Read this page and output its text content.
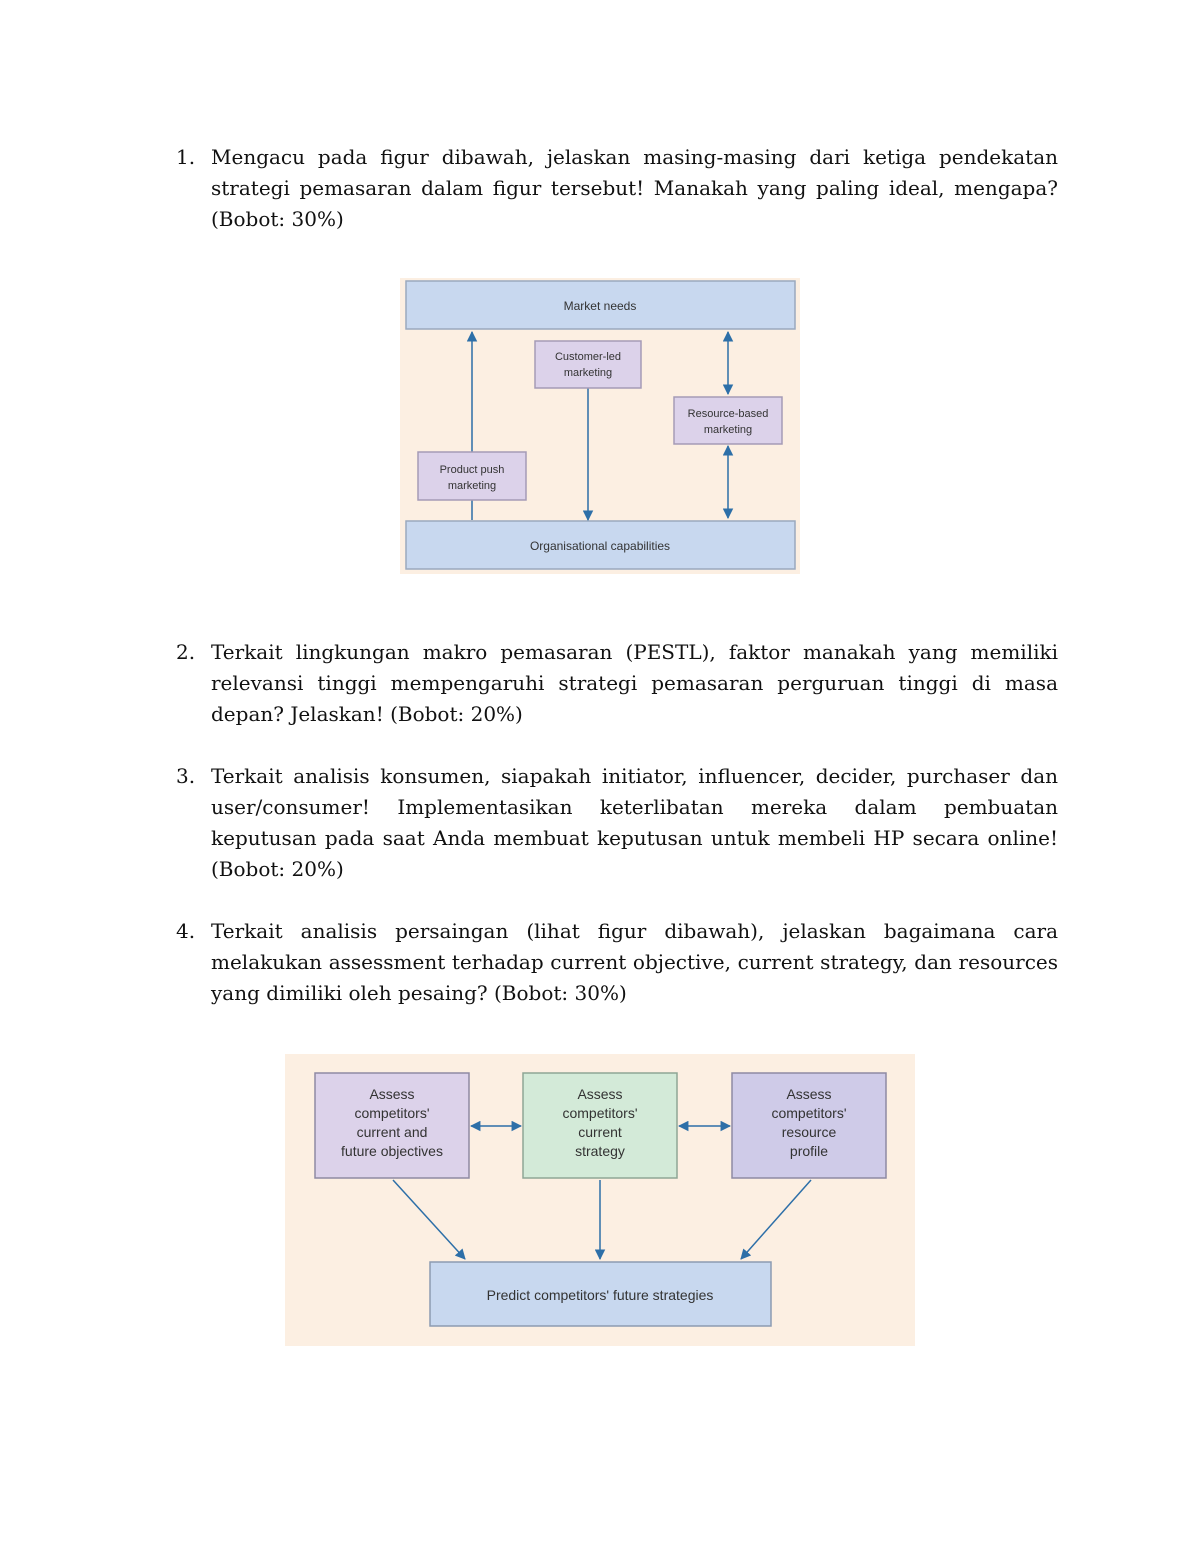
1. Mengacu pada figur dibawah, jelaskan masing-masing dari ketiga pendekatan strategi pemasaran dalam figur tersebut! Manakah yang paling ideal, mengapa? (Bobot: 30%)
Market needs
Organisational capabilities
Customer-led
marketing
Resource-based
marketing
Product push
marketing
2. Terkait lingkungan makro pemasaran (PESTL), faktor manakah yang memiliki relevansi tinggi mempengaruhi strategi pemasaran perguruan tinggi di masa depan? Jelaskan! (Bobot: 20%)
3. Terkait analisis konsumen, siapakah initiator, influencer, decider, purchaser dan user/consumer! Implementasikan keterlibatan mereka dalam pembuatan keputusan pada saat Anda membuat keputusan untuk membeli HP secara online! (Bobot: 20%)
4. Terkait analisis persaingan (lihat figur dibawah), jelaskan bagaimana cara melakukan assessment terhadap current objective, current strategy, dan resources yang dimiliki oleh pesaing? (Bobot: 30%)
Assess
competitors'
current and
future objectives
Assess
competitors'
current
strategy
Assess
competitors'
resource
profile
Predict competitors' future strategies
